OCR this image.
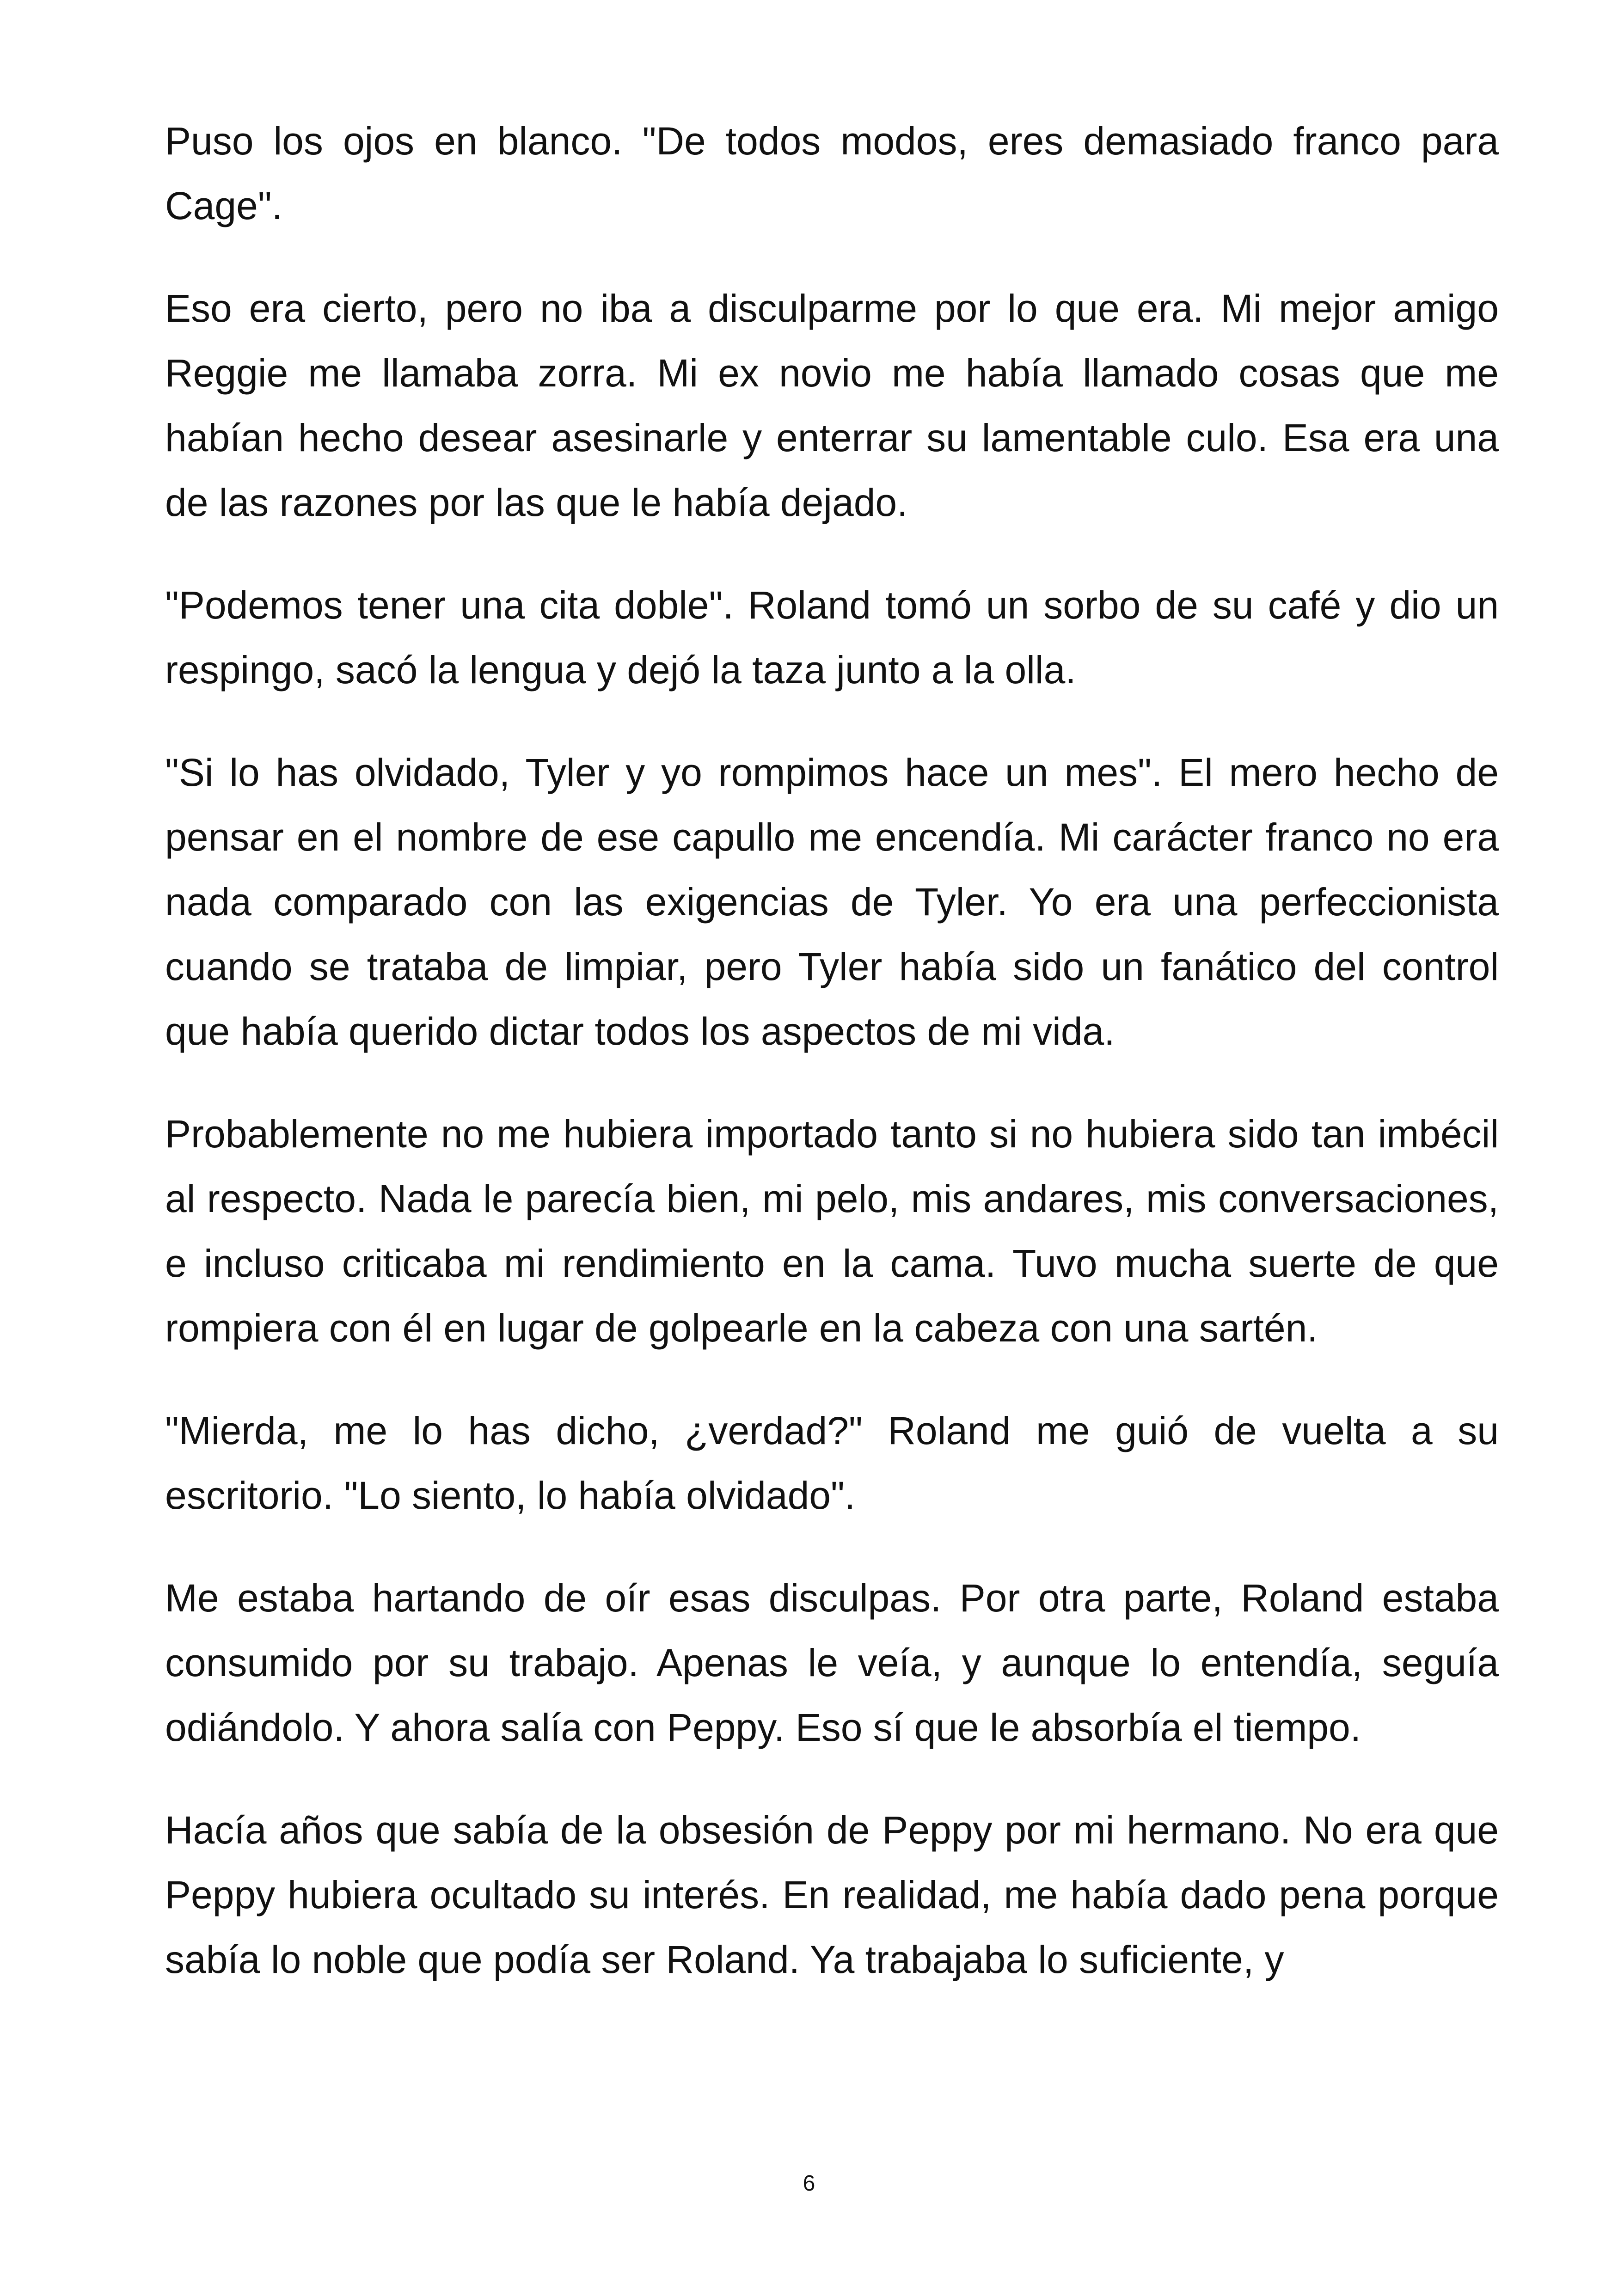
Puso los ojos en blanco. "De todos modos, eres demasiado franco para Cage".

Eso era cierto, pero no iba a disculparme por lo que era. Mi mejor amigo Reggie me llamaba zorra. Mi ex novio me había llamado cosas que me habían hecho desear asesinarle y enterrar su lamentable culo. Esa era una de las razones por las que le había dejado.

"Podemos tener una cita doble". Roland tomó un sorbo de su café y dio un respingo, sacó la lengua y dejó la taza junto a la olla.

"Si lo has olvidado, Tyler y yo rompimos hace un mes". El mero hecho de pensar en el nombre de ese capullo me encendía. Mi carácter franco no era nada comparado con las exigencias de Tyler. Yo era una perfeccionista cuando se trataba de limpiar, pero Tyler había sido un fanático del control que había querido dictar todos los aspectos de mi vida.

Probablemente no me hubiera importado tanto si no hubiera sido tan imbécil al respecto. Nada le parecía bien, mi pelo, mis andares, mis conversaciones, e incluso criticaba mi rendimiento en la cama. Tuvo mucha suerte de que rompiera con él en lugar de golpearle en la cabeza con una sartén.

"Mierda, me lo has dicho, ¿verdad?" Roland me guió de vuelta a su escritorio. "Lo siento, lo había olvidado".

Me estaba hartando de oír esas disculpas. Por otra parte, Roland estaba consumido por su trabajo. Apenas le veía, y aunque lo entendía, seguía odiándolo. Y ahora salía con Peppy. Eso sí que le absorbía el tiempo.

Hacía años que sabía de la obsesión de Peppy por mi hermano. No era que Peppy hubiera ocultado su interés. En realidad, me había dado pena porque sabía lo noble que podía ser Roland. Ya trabajaba lo suficiente, y

6
